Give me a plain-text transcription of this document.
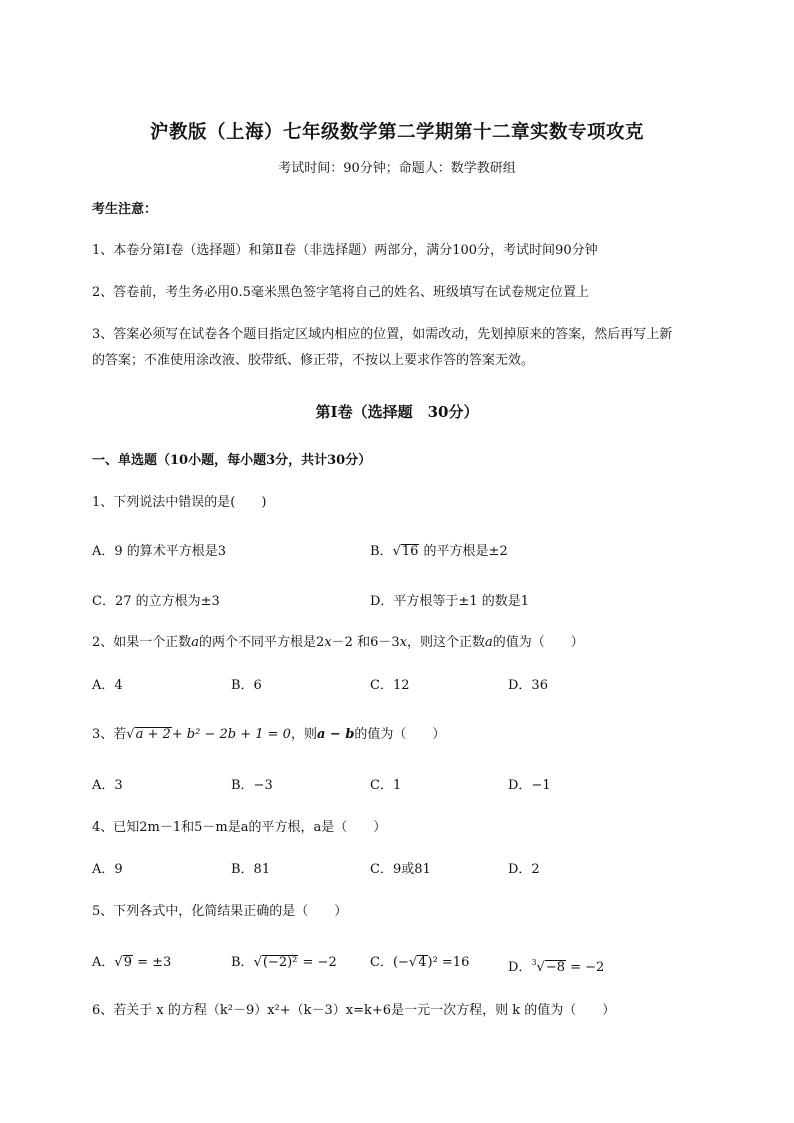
沪教版（上海）七年级数学第二学期第十二章实数专项攻克
考试时间：90分钟；命题人：数学教研组
考生注意：
1、本卷分第I卷（选择题）和第Ⅱ卷（非选择题）两部分，满分100分，考试时间90分钟
2、答卷前，考生务必用0.5毫米黑色签字笔将自己的姓名、班级填写在试卷规定位置上
3、答案必须写在试卷各个题目指定区域内相应的位置，如需改动，先划掉原来的答案，然后再写上新
的答案；不准使用涂改液、胶带纸、修正带，不按以上要求作答的答案无效。
第I卷（选择题　30分）
一、单选题（10小题，每小题3分，共计30分）
1、下列说法中错误的是(　　)
A．9 的算术平方根是3	B．√16 的平方根是±2
C．27 的立方根为±3	D．平方根等于±1 的数是1
2、如果一个正数a的两个不同平方根是2x－2 和6－3x，则这个正数a的值为（　　）
A．4	B．6	C．12	D．36
3、若√a + 2+ b² − 2b + 1 = 0，则a − b的值为（　　）
A．3	B．−3	C．1	D．−1
4、已知2m－1和5－m是a的平方根，a是（　　）
A．9	B．81	C．9或81	D．2
5、下列各式中，化简结果正确的是（　　）
A．√9 = ±3	B．√(−2)² = −2	C．(−√4)² =16	D．$^3$√−8 = −2
6、若关于 x 的方程（k²－9）x²+（k－3）x=k+6是一元一次方程，则 k 的值为（　　）
